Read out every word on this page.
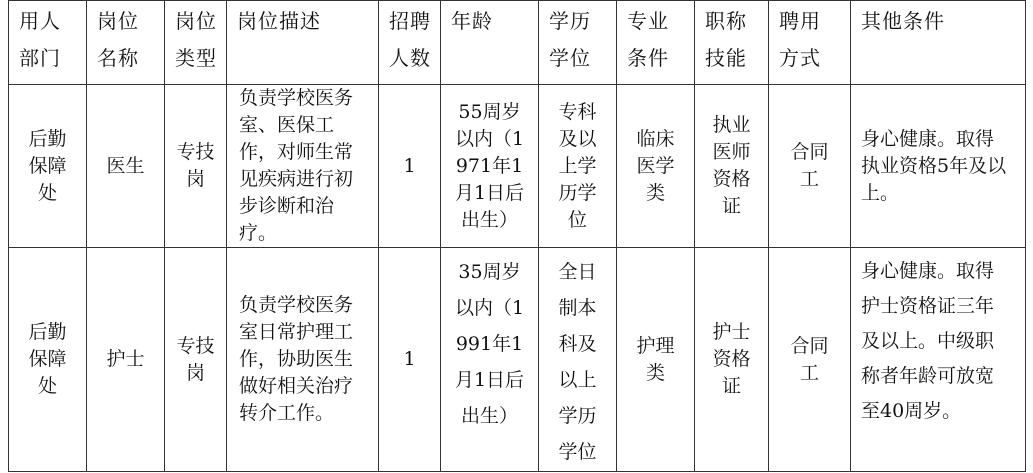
用人部门	岗位名称	岗位类型	岗位描述	招聘人数	年龄	学历学位	专业条件	职称技能	聘用方式	其他条件

后勤保障处	医生	专技岗	负责学校医务室、医保工作，对师生常见疾病进行初步诊断和治疗。	1	55周岁以内（1971年1月1日后出生）	专科及以上学历学位	临床医学类	执业医师资格证	合同工	身心健康。取得执业资格5年及以上。

后勤保障处	护士	专技岗	负责学校医务室日常护理工作，协助医生做好相关治疗转介工作。	1	35周岁以内（1991年1月1日后出生）	全日制本科及以上学历学位	护理类	护士资格证	合同工	身心健康。取得护士资格证三年及以上。中级职称者年龄可放宽至40周岁。
